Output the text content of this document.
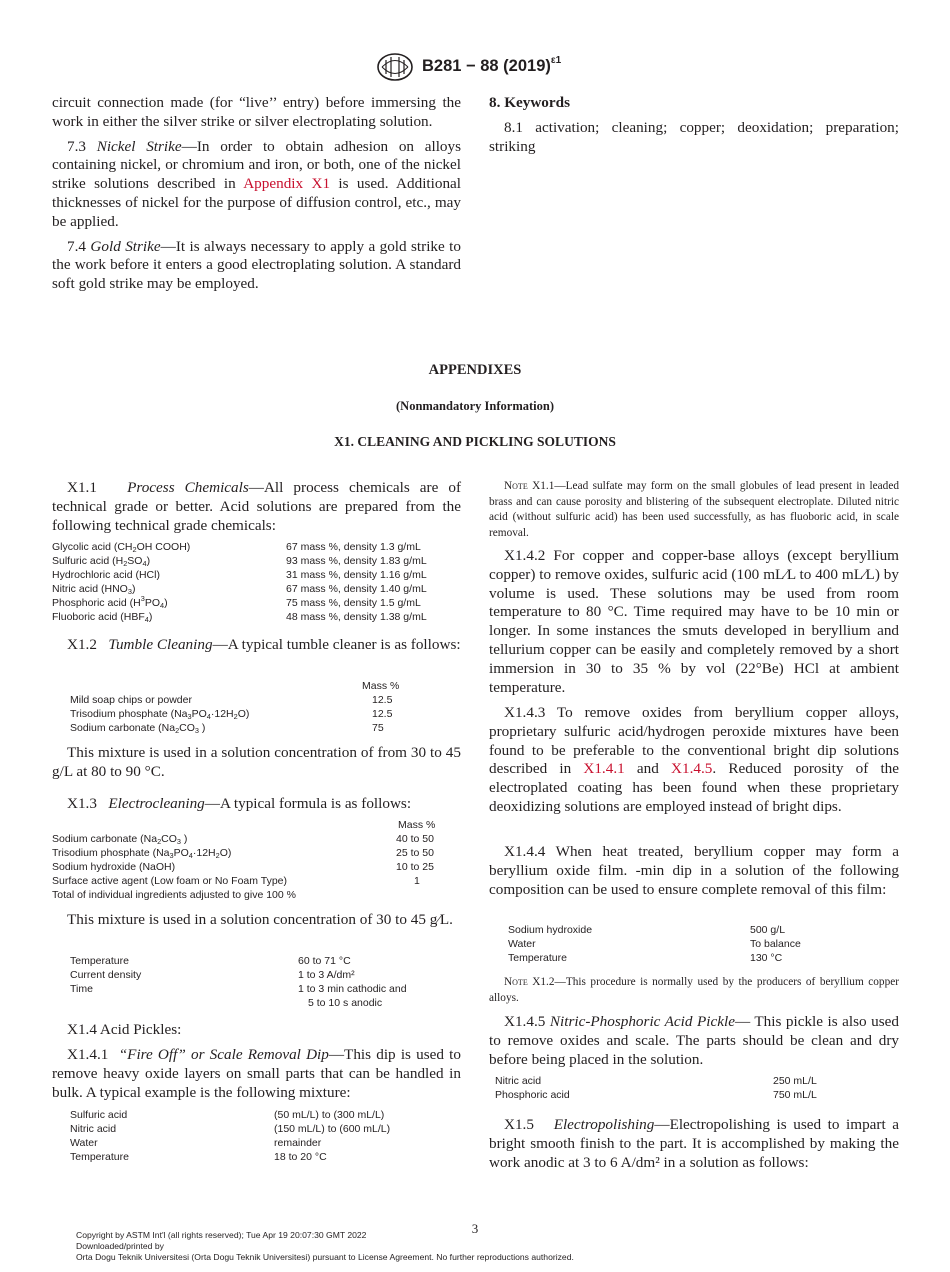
B281 − 88 $(2019)^{\varepsilon 1}$

circuit connection made (for “live’’ entry) before immersing the work in either the silver strike or silver electroplating solution.

7.3 Nickel Strike—In order to obtain adhesion on alloys containing nickel, or chromium and iron, or both, one of the nickel strike solutions described in Appendix X1 is used. Additional thicknesses of nickel for the purpose of diffusion control, etc., may be applied.

7.4 Gold Strike—It is always necessary to apply a gold strike to the work before it enters a good electroplating solution. A standard soft gold strike may be employed.

8. Keywords

8.1 activation; cleaning; copper; deoxidation; preparation; striking

APPENDIXES
(Nonmandatory Information)
X1. CLEANING AND PICKLING SOLUTIONS

X1.1 Process Chemicals—All process chemicals are of technical grade or better. Acid solutions are prepared from the following technical grade chemicals:

Glycolic acid ($CH_2OH$ COOH)	67 mass %, density 1.3 g/mL
Sulfuric acid $(H_2SO_4)$	93 mass %, density 1.83 g/mL
Hydrochloric acid (HCl)	31 mass %, density 1.16 g/mL
Nitric acid $(HNO_3)$	67 mass %, density 1.40 g/mL
Phosphoric acid $(H^3PO_4)$	75 mass %, density 1.5 g/mL
Fluoboric acid $(HBF_4)$	48 mass %, density 1.38 g/mL

X1.2 Tumble Cleaning—A typical tumble cleaner is as follows:

Mass %
Mild soap chips or powder	12.5
Trisodium phosphate $(Na_3PO_4\cdot 12H_2O)$	12.5
Sodium carbonate ($Na_2CO_3$ )	75

This mixture is used in a solution concentration of from 30 to 45 g/L at 80 to 90 °C.

X1.3 Electrocleaning—A typical formula is as follows:

Mass %
Sodium carbonate ($Na_2CO_3$ )	40 to 50
Trisodium phosphate $(Na_3PO_4\cdot 12H_2O)$	25 to 50
Sodium hydroxide (NaOH)	10 to 25
Surface active agent (Low foam or No Foam Type)	1
Total of individual ingredients adjusted to give 100 %

This mixture is used in a solution concentration of 30 to 45 g⁄L.

Temperature	60 to 71 °C
Current density	1 to 3 A/dm²
Time	1 to 3 min cathodic and
5 to 10 s anodic

X1.4 Acid Pickles:

X1.4.1 “Fire Off” or Scale Removal Dip—This dip is used to remove heavy oxide layers on small parts that can be handled in bulk. A typical example is the following mixture:

Sulfuric acid	(50 mL/L) to (300 mL/L)
Nitric acid	(150 mL/L) to (600 mL/L)
Water	remainder
Temperature	18 to 20 °C

Note X1.1—Lead sulfate may form on the small globules of lead present in leaded brass and can cause porosity and blistering of the subsequent electroplate. Diluted nitric acid (without sulfuric acid) has been used successfully, as has fluoboric acid, in scale removal.

X1.4.2 For copper and copper-base alloys (except beryllium copper) to remove oxides, sulfuric acid (100 mL⁄L to 400 mL⁄L) by volume is used. These solutions may be used from room temperature to 80 °C. Time required may have to be 10 min or longer. In some instances the smuts developed in beryllium and tellurium copper can be easily and completely removed by a short immersion in 30 to 35 % by vol (22°Be) HCl at ambient temperature.

X1.4.3 To remove oxides from beryllium copper alloys, proprietary sulfuric acid/hydrogen peroxide mixtures have been found to be preferable to the conventional bright dip solutions described in X1.4.1 and X1.4.5. Reduced porosity of the electroplated coating has been found when these proprietary deoxidizing solutions are employed instead of bright dips.

X1.4.4 When heat treated, beryllium copper may form a beryllium oxide film. -min dip in a solution of the following composition can be used to ensure complete removal of this film:

Sodium hydroxide	500 g/L
Water	To balance
Temperature	130 °C

Note X1.2—This procedure is normally used by the producers of beryllium copper alloys.

X1.4.5 Nitric-Phosphoric Acid Pickle— This pickle is also used to remove oxides and scale. The parts should be clean and dry before being placed in the solution.

Nitric acid	250 mL/L
Phosphoric acid	750 mL/L

X1.5 Electropolishing—Electropolishing is used to impart a bright smooth finish to the part. It is accomplished by making the work anodic at 3 to 6 A/dm² in a solution as follows:

3
Copyright by ASTM Int'l (all rights reserved); Tue Apr 19 20:07:30 GMT 2022
Downloaded/printed by
Orta Dogu Teknik Universitesi (Orta Dogu Teknik Universitesi) pursuant to License Agreement. No further reproductions authorized.
